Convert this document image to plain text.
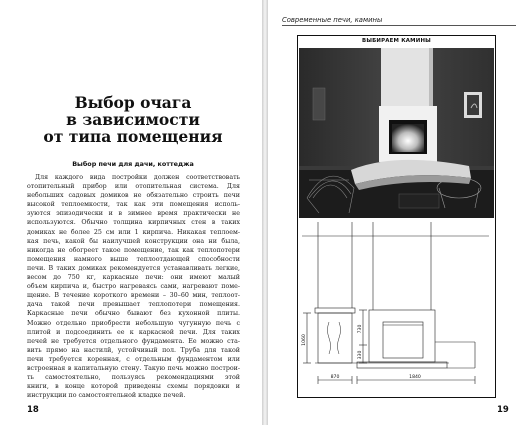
Выбор очага
в зависимости
от типа помещения
Выбор печи для дачи, коттеджа
Для каждого вида постройки должен соответствовать
отопительный прибор или отопительная система. Для
небольших садовых домиков не обязательно строить печи
высокой теплоемкости, так как эти помещения исполь-
зуются эпизодически и в зимнее время практически не
используются. Обычно толщина кирпичных стен в таких
домиках не более 25 см или 1 кирпича. Никакая теплоем-
кая печь, какой бы наилучшей конструкции она ни была,
никогда не обогреет такое помещение, так как теплопотери
помещения намного выше теплоотдающей способности
печи. В таких домиках рекомендуется устанавливать легкие,
весом до 750 кг, каркасные печи: они имеют малый
объем кирпича и, быстро нагреваясь сами, нагревают поме-
щение. В течение короткого времени – 30–60 мин, теплоот-
дача такой печи превышает теплопотери помещения.
Каркасные печи обычно бывают без кухонной плиты.
Можно отдельно приобрести небольшую чугунную печь с
плитой и подсоединить ее к каркасной печи. Для таких
печей не требуется отдельного фундамента. Ее можно ста-
вить прямо на настилй, устойчивый пол. Труба для такой
печи требуется коренная, с отдельным фундаментом или
встроенная в капитальную стену. Такую печь можно построи-
ть самостоятельно, пользуясь рекомендациями этой
книги, в конце которой приведены схемы порядовки и
инструкции по самостоятельной кладке печей.
18
Современные печи, камины
ВЫБИРАЕМ КАМИНЫ
730
1060
330
870	1840
19
